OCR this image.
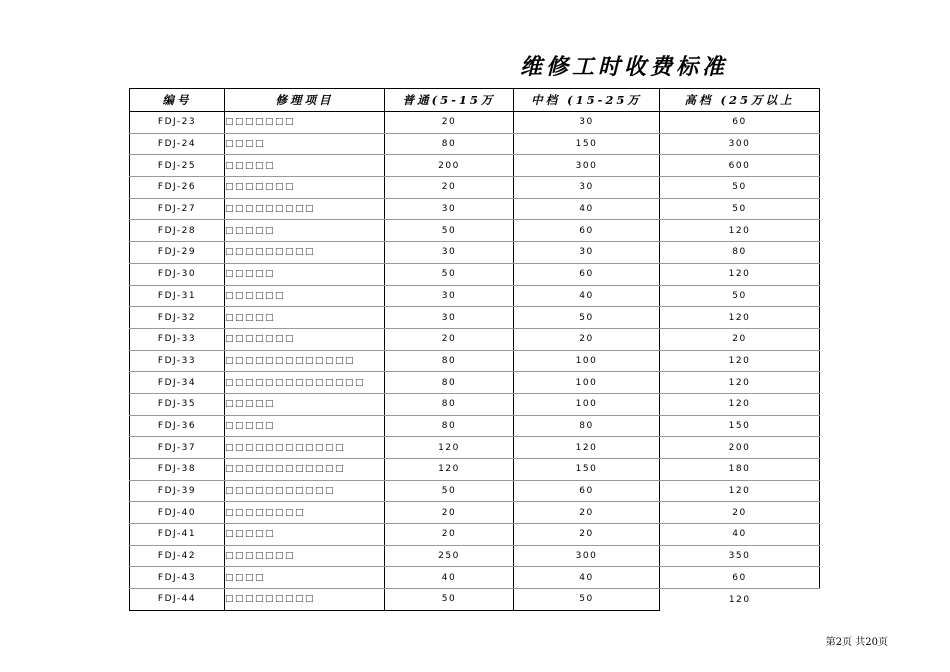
维修工时收费标准
编号	修理项目	普通(5-15万	中档 (15-25万	高档 (25万以上
FDJ-23	□□□□□□□	20	30	60
FDJ-24	□□□□	80	150	300
FDJ-25	□□□□□	200	300	600
FDJ-26	□□□□□□□	20	30	50
FDJ-27	□□□□□□□□□	30	40	50
FDJ-28	□□□□□	50	60	120
FDJ-29	□□□□□□□□□	30	30	80
FDJ-30	□□□□□	50	60	120
FDJ-31	□□□□□□	30	40	50
FDJ-32	□□□□□	30	50	120
FDJ-33	□□□□□□□	20	20	20
FDJ-33	□□□□□□□□□□□□□	80	100	120
FDJ-34	□□□□□□□□□□□□□□	80	100	120
FDJ-35	□□□□□	80	100	120
FDJ-36	□□□□□	80	80	150
FDJ-37	□□□□□□□□□□□□	120	120	200
FDJ-38	□□□□□□□□□□□□	120	150	180
FDJ-39	□□□□□□□□□□□	50	60	120
FDJ-40	□□□□□□□□	20	20	20
FDJ-41	□□□□□	20	20	40
FDJ-42	□□□□□□□	250	300	350
FDJ-43	□□□□	40	40	60
FDJ-44	□□□□□□□□□	50	50	120
第2页 共20页
